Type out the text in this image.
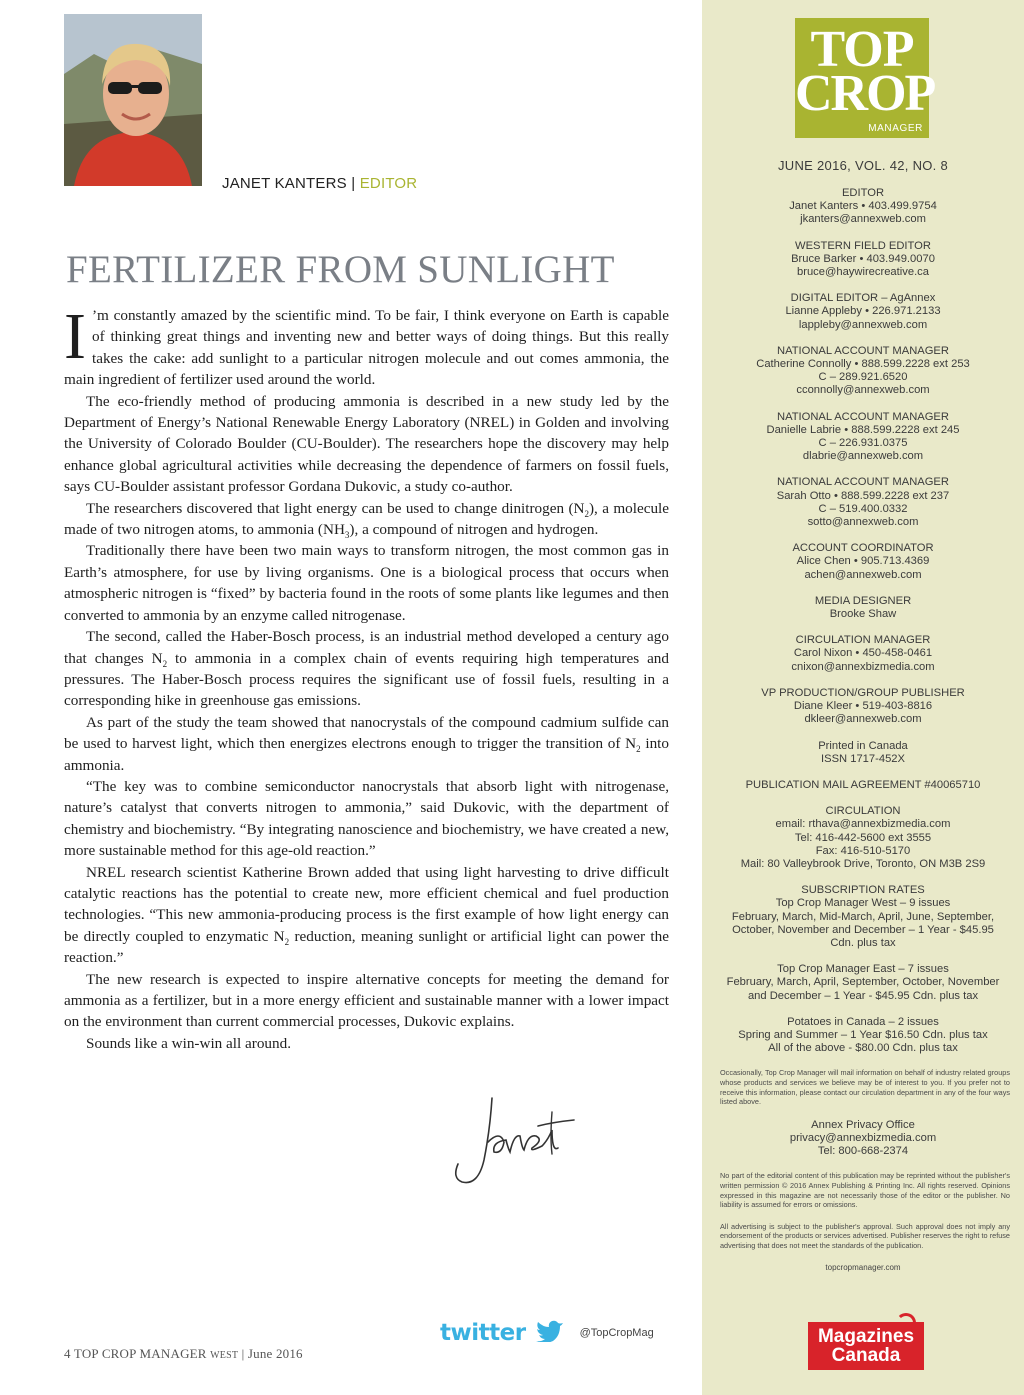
JANET KANTERS | EDITOR
FERTILIZER FROM SUNLIGHT

I ’m constantly amazed by the scientific mind. To be fair, I think everyone on Earth is capable of thinking great things and inventing new and better ways of doing things. But this really takes the cake: add sunlight to a particular nitrogen molecule and out comes ammonia, the main ingredient of fertilizer used around the world.

The eco-friendly method of producing ammonia is described in a new study led by the Department of Energy’s National Renewable Energy Laboratory (NREL) in Golden and involving the University of Colorado Boulder (CU-Boulder). The researchers hope the discovery may help enhance global agricultural activities while decreasing the dependence of farmers on fossil fuels, says CU-Boulder assistant professor Gordana Dukovic, a study co-author.

The researchers discovered that light energy can be used to change dinitrogen $(N_2)$, a molecule made of two nitrogen atoms, to ammonia $(NH_3)$, a compound of nitrogen and hydrogen.

Traditionally there have been two main ways to transform nitrogen, the most common gas in Earth’s atmosphere, for use by living organisms. One is a biological process that occurs when atmospheric nitrogen is “fixed” by bacteria found in the roots of some plants like legumes and then converted to ammonia by an enzyme called nitrogenase.

The second, called the Haber-Bosch process, is an industrial method developed a century ago that changes $N_2$ to ammonia in a complex chain of events requiring high temperatures and pressures. The Haber-Bosch process requires the significant use of fossil fuels, resulting in a corresponding hike in greenhouse gas emissions.

As part of the study the team showed that nanocrystals of the compound cadmium sulfide can be used to harvest light, which then energizes electrons enough to trigger the transition of $N_2$ into ammonia.

“The key was to combine semiconductor nanocrystals that absorb light with nitrogenase, nature’s catalyst that converts nitrogen to ammonia,” said Dukovic, with the department of chemistry and biochemistry. “By integrating nanoscience and biochemistry, we have created a new, more sustainable method for this age-old reaction.”

NREL research scientist Katherine Brown added that using light harvesting to drive difficult catalytic reactions has the potential to create new, more efficient chemical and fuel production technologies. “This new ammonia-producing process is the first example of how light energy can be directly coupled to enzymatic $N_2$ reduction, meaning sunlight or artificial light can power the reaction.”

The new research is expected to inspire alternative concepts for meeting the demand for ammonia as a fertilizer, but in a more energy efficient and sustainable manner with a lower impact on the environment than current commercial processes, Dukovic explains.

Sounds like a win-win all around.

twitter	@TopCropMag
4 TOP CROP MANAGER WEST | June 2016
TOP
CROP
MANAGER
JUNE 2016, VOL. 42, NO. 8
EDITOR
Janet Kanters • 403.499.9754
jkanters@annexweb.com
WESTERN FIELD EDITOR
Bruce Barker • 403.949.0070
bruce@haywirecreative.ca
DIGITAL EDITOR – AgAnnex
Lianne Appleby • 226.971.2133
lappleby@annexweb.com
NATIONAL ACCOUNT MANAGER
Catherine Connolly • 888.599.2228 ext 253
C – 289.921.6520
cconnolly@annexweb.com
NATIONAL ACCOUNT MANAGER
Danielle Labrie • 888.599.2228 ext 245
C – 226.931.0375
dlabrie@annexweb.com
NATIONAL ACCOUNT MANAGER
Sarah Otto • 888.599.2228 ext 237
C – 519.400.0332
sotto@annexweb.com
ACCOUNT COORDINATOR
Alice Chen • 905.713.4369
achen@annexweb.com
MEDIA DESIGNER
Brooke Shaw
CIRCULATION MANAGER
Carol Nixon • 450-458-0461
cnixon@annexbizmedia.com
VP PRODUCTION/GROUP PUBLISHER
Diane Kleer • 519-403-8816
dkleer@annexweb.com
Printed in Canada
ISSN 1717-452X
PUBLICATION MAIL AGREEMENT #40065710
CIRCULATION
email: rthava@annexbizmedia.com
Tel: 416-442-5600 ext 3555
Fax: 416-510-5170
Mail: 80 Valleybrook Drive, Toronto, ON M3B 2S9
SUBSCRIPTION RATES
Top Crop Manager West – 9 issues
February, March, Mid-March, April, June, September,
October, November and December – 1 Year - $45.95
Cdn. plus tax
Top Crop Manager East – 7 issues
February, March, April, September, October, November
and December – 1 Year - $45.95 Cdn. plus tax
Potatoes in Canada – 2 issues
Spring and Summer – 1 Year $16.50 Cdn. plus tax
All of the above - $80.00 Cdn. plus tax
Occasionally, Top Crop Manager will mail information on behalf of industry related groups whose products and services we believe may be of interest to you. If you prefer not to receive this information, please contact our circulation department in any of the four ways listed above.
Annex Privacy Office
privacy@annexbizmedia.com
Tel: 800-668-2374
No part of the editorial content of this publication may be reprinted without the publisher's written permission © 2016 Annex Publishing & Printing Inc. All rights reserved. Opinions expressed in this magazine are not necessarily those of the editor or the publisher. No liability is assumed for errors or omissions.
All advertising is subject to the publisher's approval. Such approval does not imply any endorsement of the products or services advertised. Publisher reserves the right to refuse advertising that does not meet the standards of the publication.
topcropmanager.com
Magazines
Canada
